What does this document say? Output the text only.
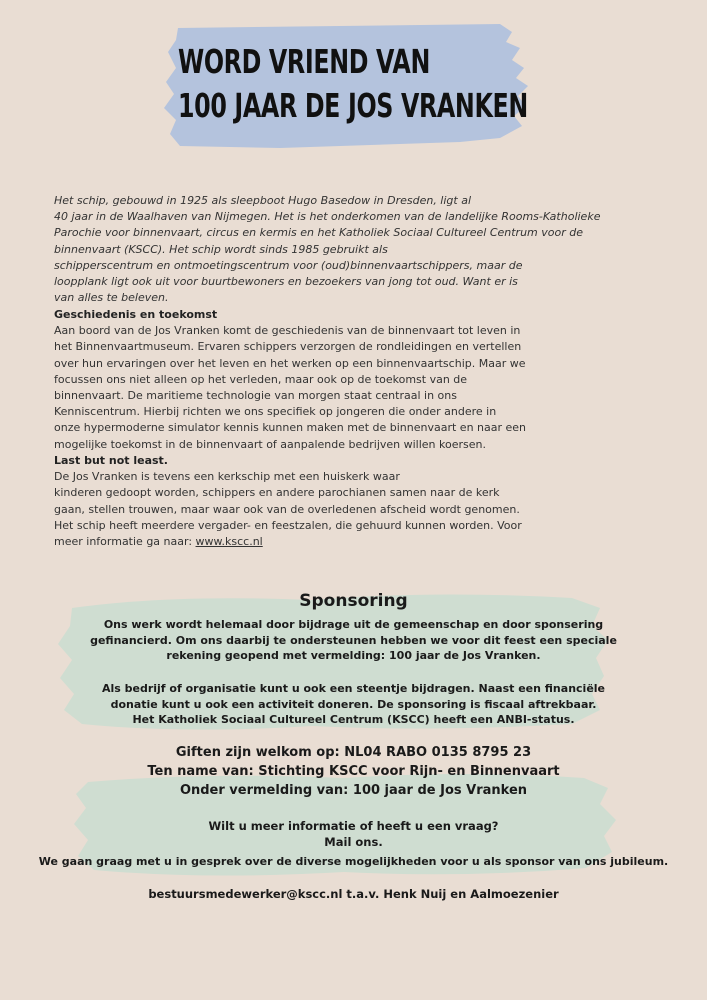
WORD VRIEND VAN
100 JAAR DE JOS VRANKEN
Het schip, gebouwd in 1925 als sleepboot Hugo Basedow in Dresden, ligt al
40 jaar in de Waalhaven van Nijmegen. Het is het onderkomen van de landelijke Rooms-Katholieke
Parochie voor binnenvaart, circus en kermis en het Katholiek Sociaal Cultureel Centrum voor de
binnenvaart (KSCC). Het schip wordt sinds 1985 gebruikt als
schipperscentrum en ontmoetingscentrum voor (oud)binnenvaartschippers, maar de
loopplank ligt ook uit voor buurtbewoners en bezoekers van jong tot oud. Want er is
van alles te beleven.
Geschiedenis en toekomst
Aan boord van de Jos Vranken komt de geschiedenis van de binnenvaart tot leven in
het Binnenvaartmuseum. Ervaren schippers verzorgen de rondleidingen en vertellen
over hun ervaringen over het leven en het werken op een binnenvaartschip. Maar we
focussen ons niet alleen op het verleden, maar ook op de toekomst van de
binnenvaart. De maritieme technologie van morgen staat centraal in ons
Kenniscentrum. Hierbij richten we ons specifiek op jongeren die onder andere in
onze hypermoderne simulator kennis kunnen maken met de binnenvaart en naar een
mogelijke toekomst in de binnenvaart of aanpalende bedrijven willen koersen.
Last but not least.
De Jos Vranken is tevens een kerkschip met een huiskerk waar
kinderen gedoopt worden, schippers en andere parochianen samen naar de kerk
gaan, stellen trouwen, maar waar ook van de overledenen afscheid wordt genomen.
Het schip heeft meerdere vergader- en feestzalen, die gehuurd kunnen worden. Voor
meer informatie ga naar: www.kscc.nl
Sponsoring
Ons werk wordt helemaal door bijdrage uit de gemeenschap en door sponsering
gefinancierd. Om ons daarbij te ondersteunen hebben we voor dit feest een speciale
rekening geopend met vermelding: 100 jaar de Jos Vranken.
Als bedrijf of organisatie kunt u ook een steentje bijdragen. Naast een financiële
donatie kunt u ook een activiteit doneren. De sponsoring is fiscaal aftrekbaar.
Het Katholiek Sociaal Cultureel Centrum (KSCC) heeft een ANBI-status.
Giften zijn welkom op: NL04 RABO 0135 8795 23
Ten name van: Stichting KSCC voor Rijn- en Binnenvaart
Onder vermelding van: 100 jaar de Jos Vranken
Wilt u meer informatie of heeft u een vraag?
Mail ons.
We gaan graag met u in gesprek over de diverse mogelijkheden voor u als sponsor van ons jubileum.
bestuursmedewerker@kscc.nl t.a.v. Henk Nuij en Aalmoezenier
